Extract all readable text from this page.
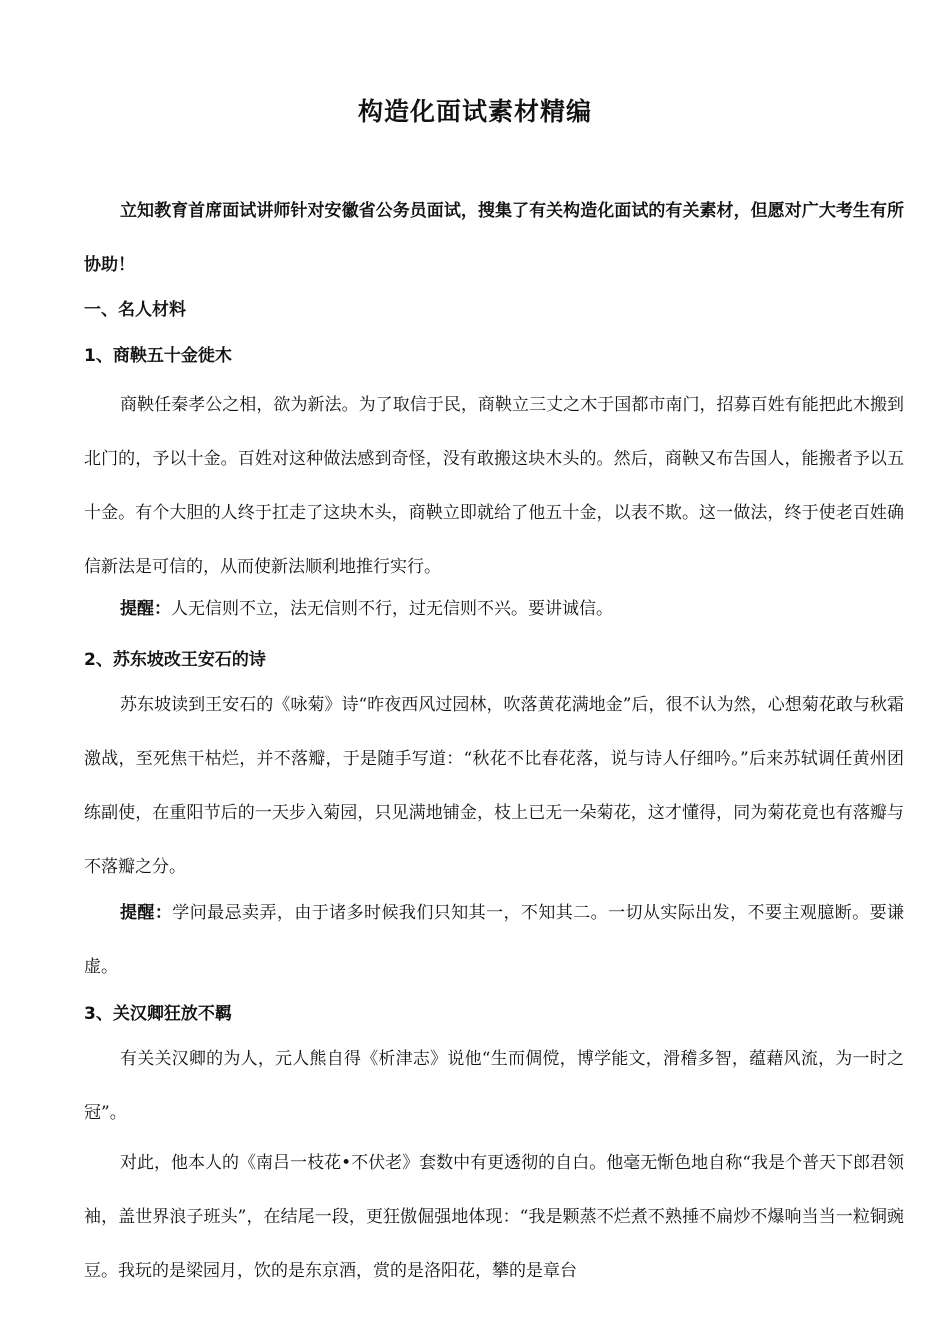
构造化面试素材精编

立知教育首席面试讲师针对安徽省公务员面试，搜集了有关构造化面试的有关素材，但愿对广大考生有所协助！

一、名人材料
1、商鞅五十金徙木

商鞅任秦孝公之相，欲为新法。为了取信于民，商鞅立三丈之木于国都市南门，招募百姓有能把此木搬到北门的，予以十金。百姓对这种做法感到奇怪，没有敢搬这块木头的。然后，商鞅又布告国人，能搬者予以五十金。有个大胆的人终于扛走了这块木头，商鞅立即就给了他五十金，以表不欺。这一做法，终于使老百姓确信新法是可信的，从而使新法顺利地推行实行。

提醒：人无信则不立，法无信则不行，过无信则不兴。要讲诚信。

2、苏东坡改王安石的诗

苏东坡读到王安石的《咏菊》诗“昨夜西风过园林，吹落黄花满地金”后，很不认为然，心想菊花敢与秋霜激战，至死焦干枯烂，并不落瓣，于是随手写道：“秋花不比春花落，说与诗人仔细吟。”后来苏轼调任黄州团练副使，在重阳节后的一天步入菊园，只见满地铺金，枝上已无一朵菊花，这才懂得，同为菊花竟也有落瓣与不落瓣之分。

提醒：学问最忌卖弄，由于诸多时候我们只知其一，不知其二。一切从实际出发，不要主观臆断。要谦虚。

3、关汉卿狂放不羁

有关关汉卿的为人，元人熊自得《析津志》说他“生而倜傥，博学能文，滑稽多智，蕴藉风流，为一时之冠”。

对此，他本人的《南吕一枝花•不伏老》套数中有更透彻的自白。他毫无惭色地自称“我是个普天下郎君领袖，盖世界浪子班头”，在结尾一段，更狂傲倔强地体现：“我是颗蒸不烂煮不熟捶不扁炒不爆响当当一粒铜豌豆。我玩的是梁园月，饮的是东京酒，赏的是洛阳花，攀的是章台
